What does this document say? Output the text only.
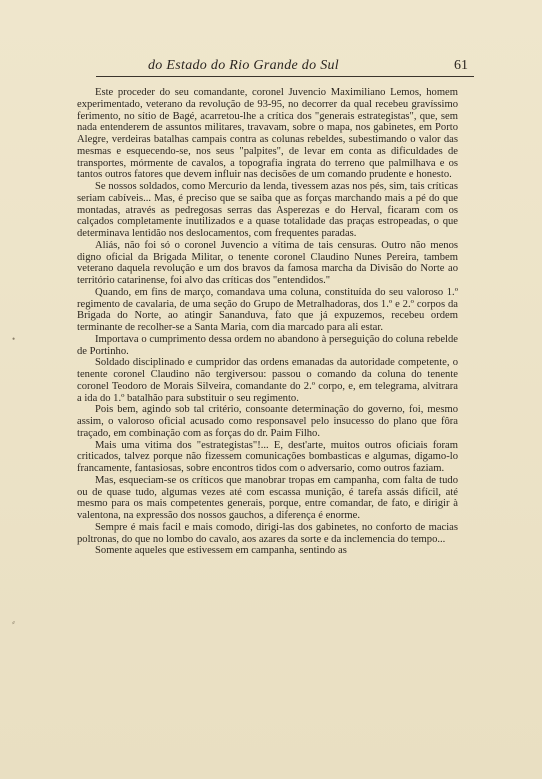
do Estado do Rio Grande do Sul	61
•
⸗

Este proceder do seu comandante, coronel Juvencio Maximiliano Lemos, homem experimentado, veterano da revolução de 93-95, no decorrer da qual recebeu gravíssimo ferimento, no sítio de Bagé, acarretou-lhe a crítica dos "generais estrategistas", que, sem nada entenderem de assuntos militares, travavam, sobre o mapa, nos gabinetes, em Porto Alegre, verdeiras batalhas campais contra as colunas rebeldes, subestimando o valor das mesmas e esquecendo-se, nos seus "palpites", de levar em conta as dificuldades de transportes, mórmente de cavalos, a topografia ingrata do terreno que palmilhava e os tantos outros fatores que devem influir nas decisões de um comando prudente e honesto.

Se nossos soldados, como Mercurio da lenda, tivessem azas nos pés, sim, tais críticas seriam cabíveis... Mas, é preciso que se saiba que as forças marchando mais a pé do que montadas, através as pedregosas serras das Asperezas e do Herval, ficaram com os calçados completamente inutilizados e a quase totalidade das praças estropeadas, o que determinava lentidão nos deslocamentos, com frequentes paradas.

Aliás, não foi só o coronel Juvencio a vítima de tais censuras. Outro não menos digno oficial da Brigada Militar, o tenente coronel Claudino Nunes Pereira, tambem veterano daquela revolução e um dos bravos da famosa marcha da Divisão do Norte ao território catarinense, foi alvo das críticas dos "entendidos."

Quando, em fins de março, comandava uma coluna, constituída do seu valoroso 1.º regimento de cavalaria, de uma seção do Grupo de Metralhadoras, dos 1.º e 2.º corpos da Brigada do Norte, ao atingir Sananduva, fato que já expuzemos, recebeu ordem terminante de recolher-se a Santa Maria, com dia marcado para ali estar.

Importava o cumprimento dessa ordem no abandono à perseguição do coluna rebelde de Portinho.

Soldado disciplinado e cumpridor das ordens emanadas da autoridade competente, o tenente coronel Claudino não tergiversou: passou o comando da coluna do tenente coronel Teodoro de Morais Silveira, comandante do 2.º corpo, e, em telegrama, alvitrara a ida do 1.º batalhão para substituir o seu regimento.

Pois bem, agindo sob tal critério, consoante determinação do governo, foi, mesmo assim, o valoroso oficial acusado como responsavel pelo insucesso do plano que fôra traçado, em combinação com as forças do dr. Paim Filho.

Mais uma vitima dos "estrategistas"!... E, dest'arte, muitos outros oficiais foram criticados, talvez porque não fizessem comunicações bombasticas e algumas, digamo-lo francamente, fantasiosas, sobre encontros tidos com o adversario, como outros faziam.

Mas, esqueciam-se os críticos que manobrar tropas em campanha, com falta de tudo ou de quase tudo, algumas vezes até com escassa munição, é tarefa assás difícil, até mesmo para os mais competentes generais, porque, entre comandar, de fato, e dirigir à valentona, na expressão dos nossos gauchos, a diferença é enorme.

Sempre é mais facil e mais comodo, dirigi-las dos gabinetes, no conforto de macias poltronas, do que no lombo do cavalo, aos azares da sorte e da inclemencia do tempo...

Somente aqueles que estivessem em campanha, sentindo as
